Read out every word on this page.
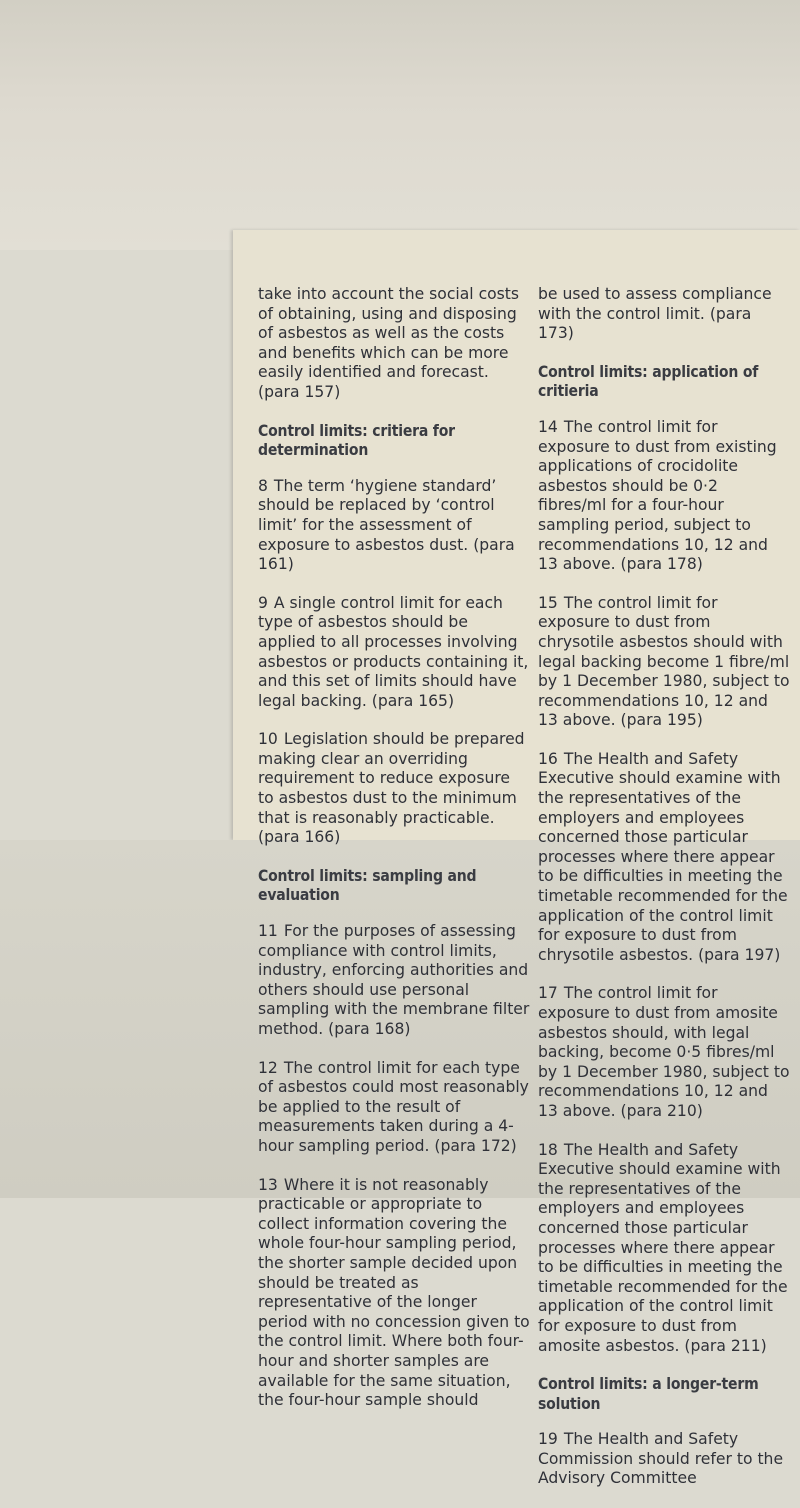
take into account the social costs of obtaining, using and disposing of asbestos as well as the costs and benefits which can be more easily identified and forecast. (para 157)

Control limits: critiera for determination

8 The term ‘hygiene standard’ should be replaced by ‘control limit’ for the assessment of exposure to asbestos dust. (para 161)

9 A single control limit for each type of asbestos should be applied to all processes involving asbestos or products containing it, and this set of limits should have legal backing. (para 165)

10 Legislation should be prepared making clear an overriding requirement to reduce exposure to asbestos dust to the minimum that is reasonably practicable. (para 166)

Control limits: sampling and evaluation

11 For the purposes of assessing compliance with control limits, industry, enforcing authorities and others should use personal sampling with the membrane filter method. (para 168)

12 The control limit for each type of asbestos could most reasonably be applied to the result of measurements taken during a 4-hour sampling period. (para 172)

13 Where it is not reasonably practicable or appropriate to collect information covering the whole four-hour sampling period, the shorter sample decided upon should be treated as representative of the longer period with no concession given to the control limit. Where both four-hour and shorter samples are available for the same situation, the four-hour sample should

be used to assess compliance with the control limit. (para 173)

Control limits: application of critieria

14 The control limit for exposure to dust from existing applications of crocidolite asbestos should be 0·2 fibres/ml for a four-hour sampling period, subject to recommendations 10, 12 and 13 above. (para 178)

15 The control limit for exposure to dust from chrysotile asbestos should with legal backing become 1 fibre/ml by 1 December 1980, subject to recommendations 10, 12 and 13 above. (para 195)

16 The Health and Safety Executive should examine with the representatives of the employers and employees concerned those particular processes where there appear to be difficulties in meeting the timetable recommended for the application of the control limit for exposure to dust from chrysotile asbestos. (para 197)

17 The control limit for exposure to dust from amosite asbestos should, with legal backing, become 0·5 fibres/ml by 1 December 1980, subject to recommendations 10, 12 and 13 above. (para 210)

18 The Health and Safety Executive should examine with the representatives of the employers and employees concerned those particular processes where there appear to be difficulties in meeting the timetable recommended for the application of the control limit for exposure to dust from amosite asbestos. (para 211)

Control limits: a longer-term solution

19 The Health and Safety Commission should refer to the Advisory Committee
